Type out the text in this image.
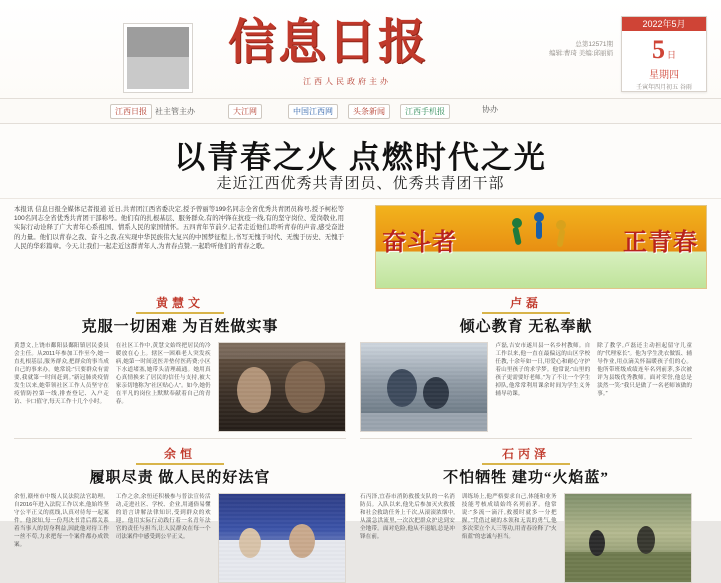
信息日报
江西人民政府主办
总第12571期
编辑:曹琦 美编:邱丽娟
2022年5月
5 日
星期四
壬寅年四月初五 谷雨
江西日报 社主管主办	大江网	中国江西网	头条新闻	江西手机报	协办
以青春之火 点燃时代之光
走近江西优秀共青团员、优秀共青团干部
本报讯 信息日报全媒体记者报道 近日,共青团江西省委决定,授予曾丽等199名同志全省优秀共青团员称号,授予柯松等100名同志全省优秀共青团干部称号。他们有的扎根基层、服务群众,有的冲锋在抗疫一线,有的坚守岗位、爱岗敬业,用实际行动诠释了广大青年心系祖国、情系人民的家国情怀。五四青年节前夕,记者走近他们,聆听青春的声音,感受奋进的力量。他们以青春之我、奋斗之我,在实现中华民族伟大复兴的中国梦征程上,书写无愧于时代、无愧于历史、无愧于人民的华彩篇章。今天,让我们一起走近这群青年人,为青春点赞,一起聆听他们的青春之歌。	奋斗者	正青春
黄慧文
克服一切困难 为百姓做实事
黄慧文,上饶市鄱阳县鄱阳镇居民委员会主任。从2011年参加工作至今,她一直扎根基层,服务群众,把群众的事当成自己的事来办。她常说:“只要群众有需要,我就第一时间赶到。”新冠肺炎疫情发生以来,她带领社区工作人员坚守在疫情防控第一线,排查登记、入户走访、卡口值守,每天工作十几个小时。
在社区工作中,黄慧文始终把居民的冷暖放在心上。辖区一困难老人突发疾病,她第一时间送医并垫付医药费;小区下水道堵塞,她带头清理疏通。她用真心真情换来了居民的信任与支持,被大家亲切地称为“社区贴心人”。如今,她仍在平凡的岗位上默默奉献着自己的青春。
余恒
履职尽责 做人民的好法官
余恒,赣州市中级人民法院法官助理。自2016年进入法院工作以来,他始终坚守公平正义的底线,认真对待每一起案件。他深知,每一份判决书背后都关系着当事人的切身利益,因此他对待工作一丝不苟,力求把每一个案件都办成铁案。
工作之余,余恒还积极参与普法宣传活动,走进社区、学校、企业,用通俗易懂的语言讲解法律知识,受到群众的欢迎。他用实际行动践行着一名青年法官的责任与担当,让人民群众在每一个司法案件中感受到公平正义。
卢磊
倾心教育 无私奉献
卢磊,吉安市遂川县一名乡村教师。自工作以来,他一直在最偏远的山区学校任教,十余年如一日,用爱心和耐心守护着山里孩子的求学梦。他常说:“山里的孩子更需要好老师。”为了不让一个学生掉队,他常常利用课余时间为学生义务辅导功课。
除了教学,卢磊还主动担起留守儿童的“代理家长”。他为学生洗衣做饭、辅导作业,用点滴关怀温暖孩子们的心。他所带班级成绩连年名列前茅,多次被评为县级优秀教师。面对荣誉,他总是淡然一笑:“我只是做了一名老师该做的事。”
石丙泽
不怕牺牲 建功“火焰蓝”
石丙泽,宜春市消防救援支队的一名消防员。入队以来,他先后参加灭火救援和社会救助任务上千次,从滚滚浓烟中,从湍急洪流里,一次次把群众护送到安全地带。面对危险,他从不退缩,总是冲锋在前。
训练场上,他严格要求自己,体能和业务技能考核成绩始终名列前茅。他常说:“多流一滴汗,救援时就多一分把握。”凭借过硬的本领和无畏的勇气,他多次荣立个人三等功,用青春诠释了“火焰蓝”的忠诚与担当。
